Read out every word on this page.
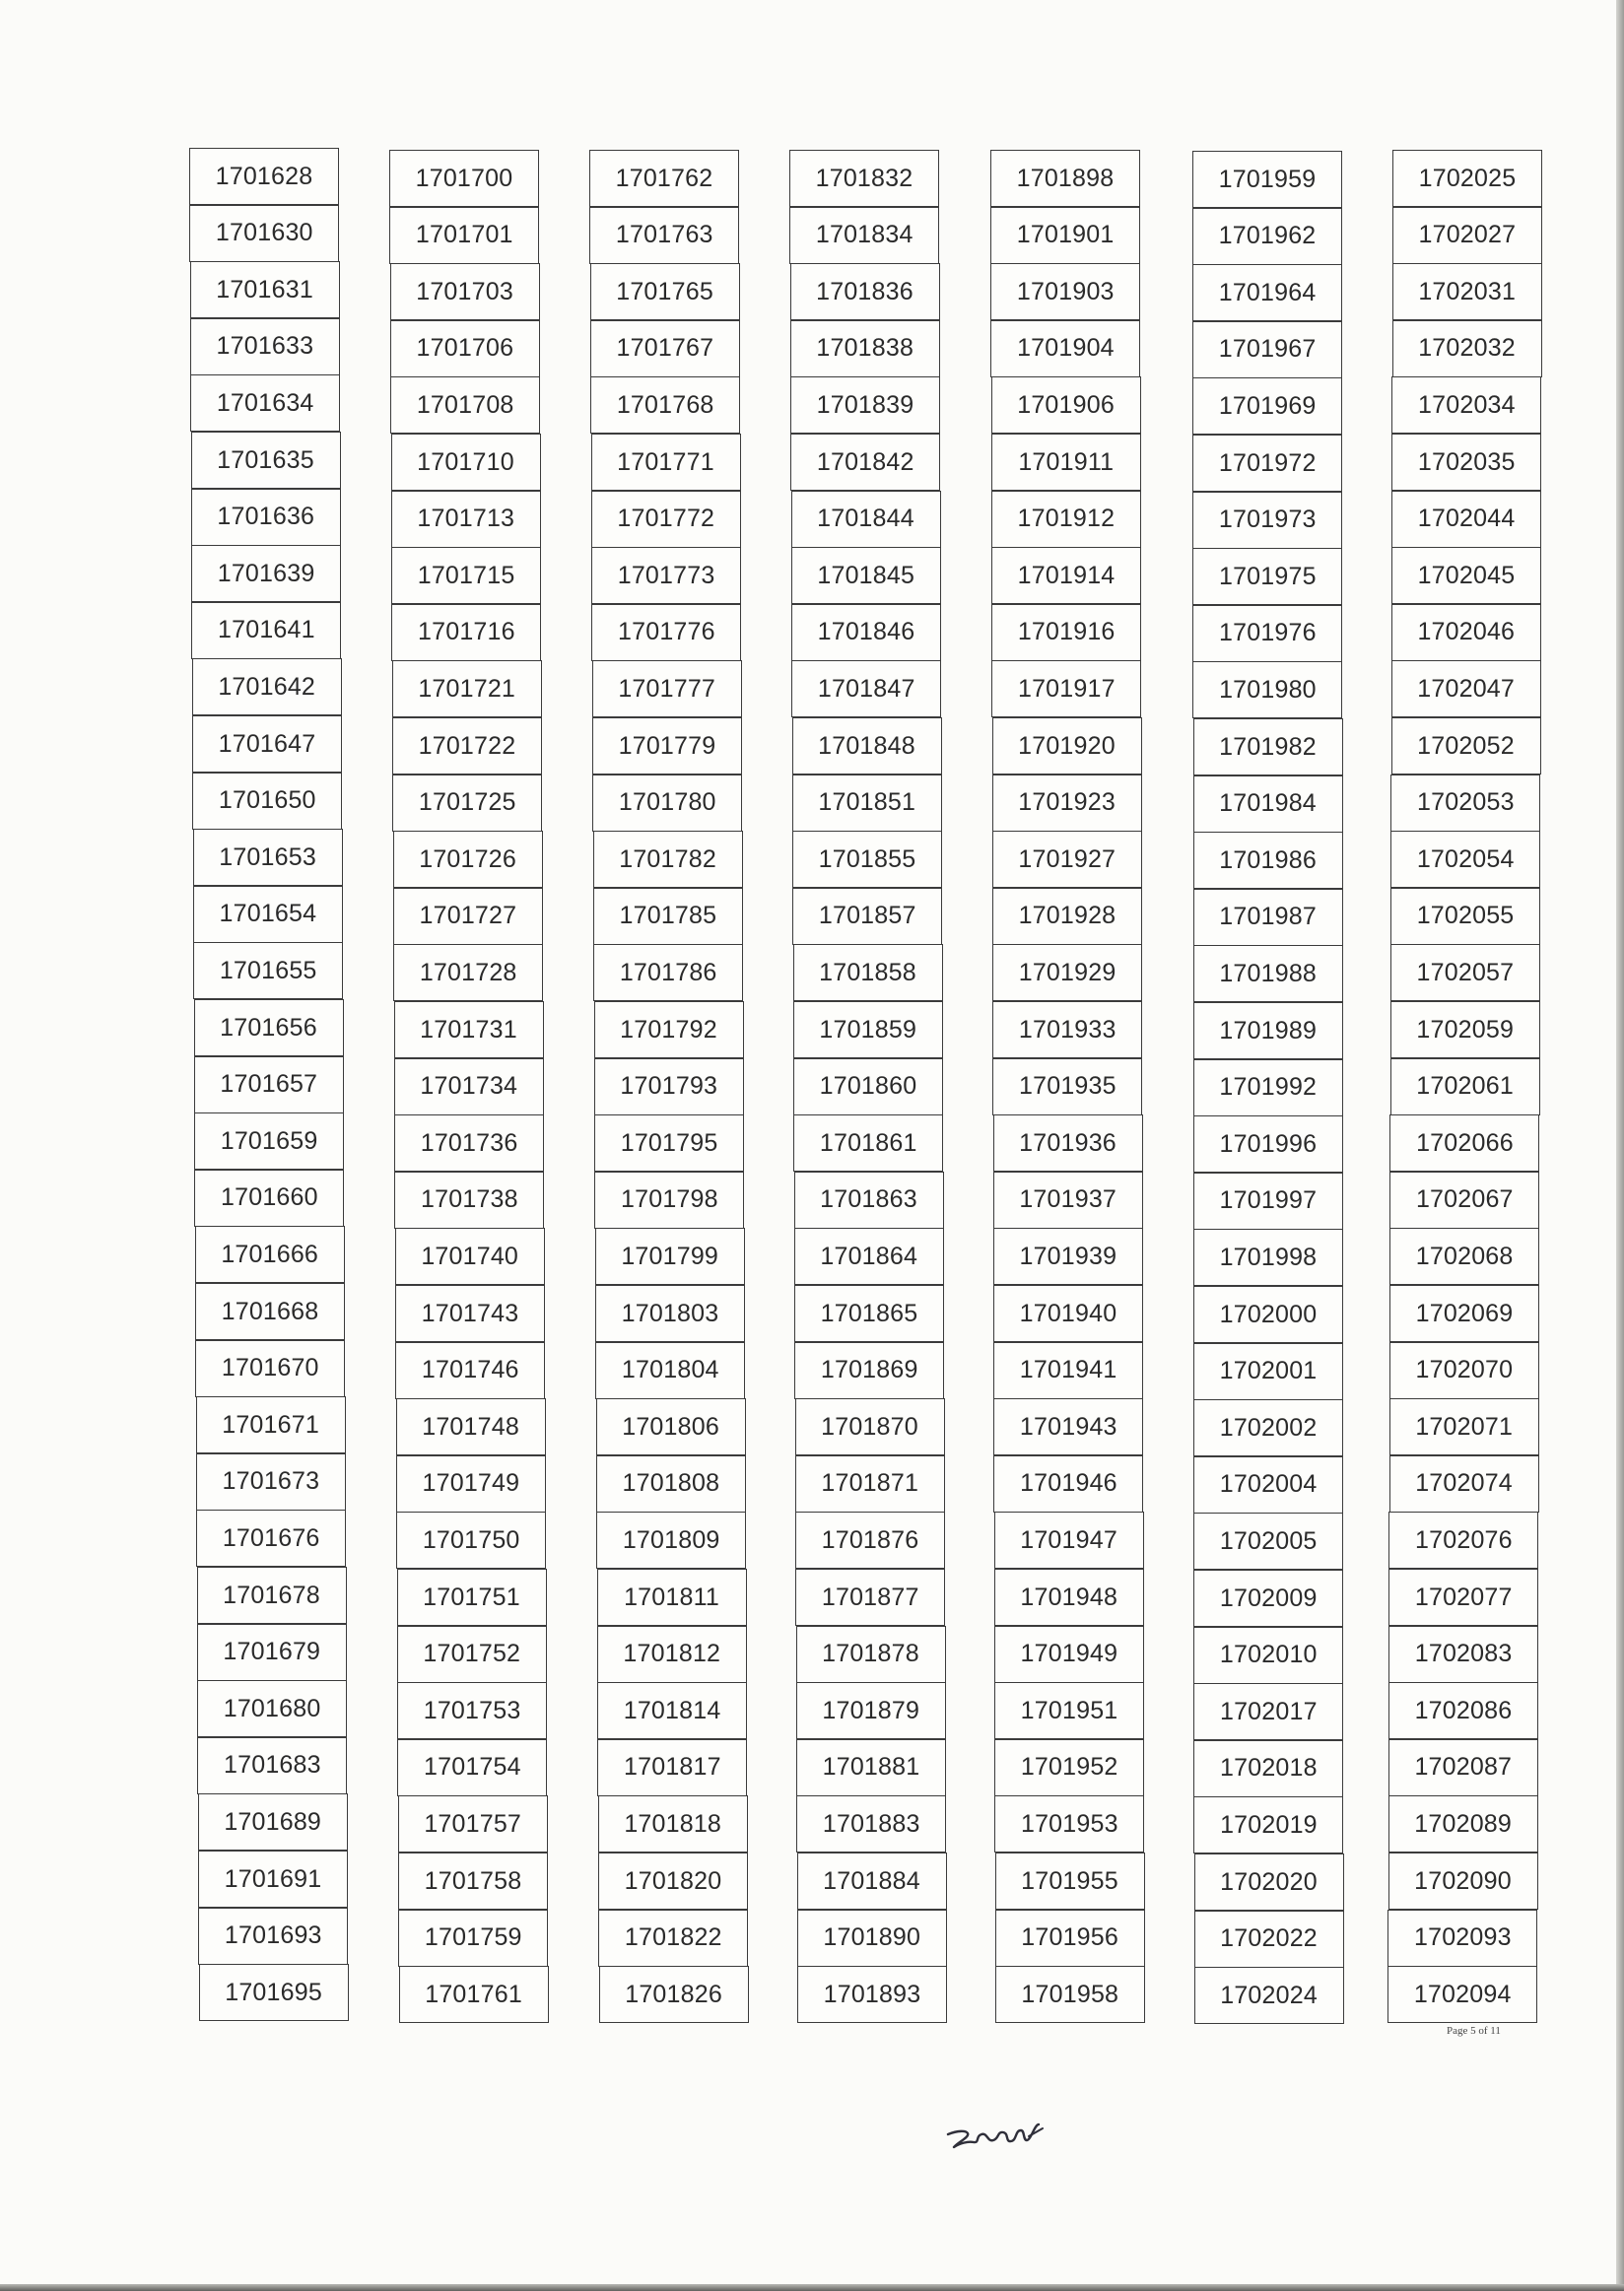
1701628
1701630
1701631
1701633
1701634
1701635
1701636
1701639
1701641
1701642
1701647
1701650
1701653
1701654
1701655
1701656
1701657
1701659
1701660
1701666
1701668
1701670
1701671
1701673
1701676
1701678
1701679
1701680
1701683
1701689
1701691
1701693
1701695
1701700
1701701
1701703
1701706
1701708
1701710
1701713
1701715
1701716
1701721
1701722
1701725
1701726
1701727
1701728
1701731
1701734
1701736
1701738
1701740
1701743
1701746
1701748
1701749
1701750
1701751
1701752
1701753
1701754
1701757
1701758
1701759
1701761
1701762
1701763
1701765
1701767
1701768
1701771
1701772
1701773
1701776
1701777
1701779
1701780
1701782
1701785
1701786
1701792
1701793
1701795
1701798
1701799
1701803
1701804
1701806
1701808
1701809
1701811
1701812
1701814
1701817
1701818
1701820
1701822
1701826
1701832
1701834
1701836
1701838
1701839
1701842
1701844
1701845
1701846
1701847
1701848
1701851
1701855
1701857
1701858
1701859
1701860
1701861
1701863
1701864
1701865
1701869
1701870
1701871
1701876
1701877
1701878
1701879
1701881
1701883
1701884
1701890
1701893
1701898
1701901
1701903
1701904
1701906
1701911
1701912
1701914
1701916
1701917
1701920
1701923
1701927
1701928
1701929
1701933
1701935
1701936
1701937
1701939
1701940
1701941
1701943
1701946
1701947
1701948
1701949
1701951
1701952
1701953
1701955
1701956
1701958
1701959
1701962
1701964
1701967
1701969
1701972
1701973
1701975
1701976
1701980
1701982
1701984
1701986
1701987
1701988
1701989
1701992
1701996
1701997
1701998
1702000
1702001
1702002
1702004
1702005
1702009
1702010
1702017
1702018
1702019
1702020
1702022
1702024
1702025
1702027
1702031
1702032
1702034
1702035
1702044
1702045
1702046
1702047
1702052
1702053
1702054
1702055
1702057
1702059
1702061
1702066
1702067
1702068
1702069
1702070
1702071
1702074
1702076
1702077
1702083
1702086
1702087
1702089
1702090
1702093
1702094
Page 5 of 11
